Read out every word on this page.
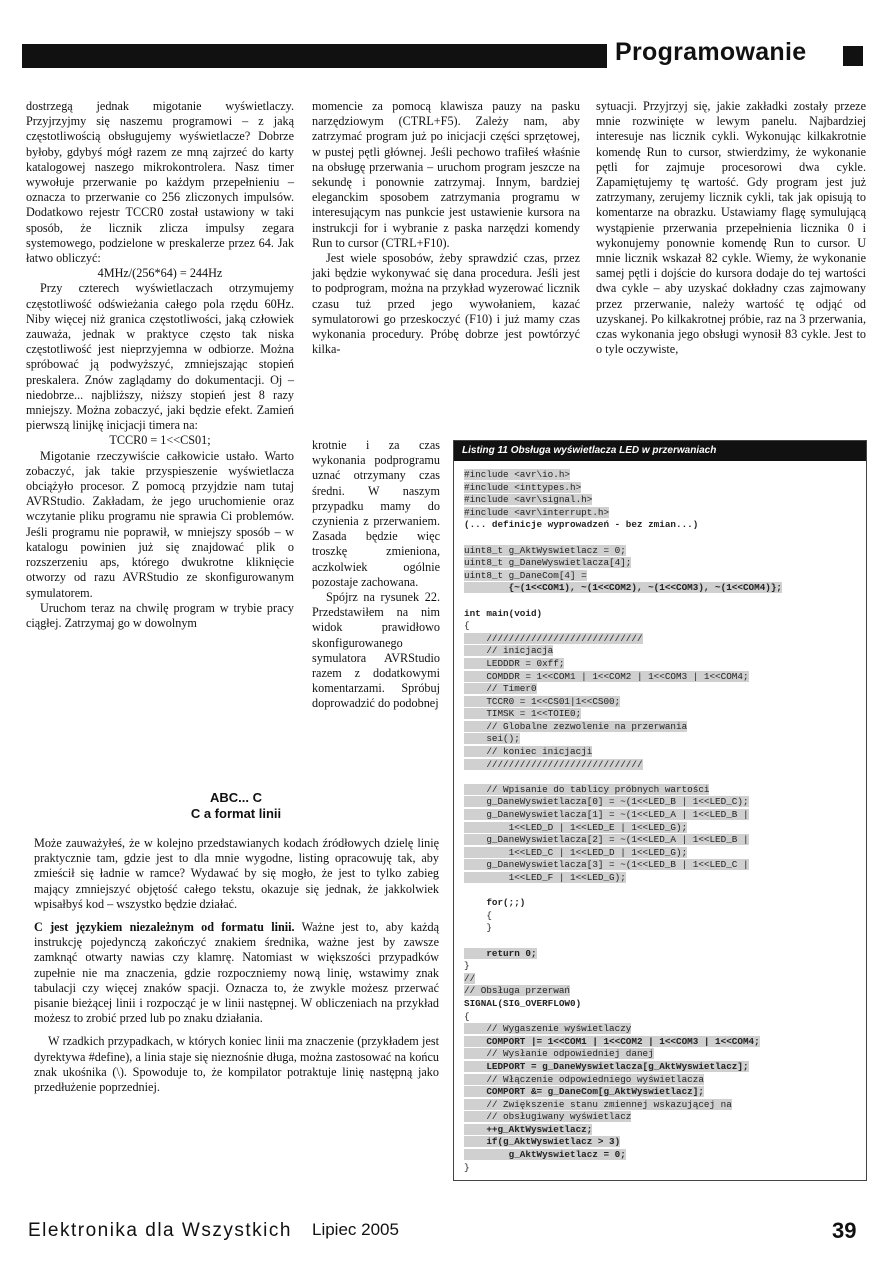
Programowanie

dostrzegą jednak migotanie wyświetlaczy. Przyjrzyjmy się naszemu programowi – z jaką częstotliwością obsługujemy wyświetlacze? Dobrze byłoby, gdybyś mógł razem ze mną zajrzeć do karty katalogowej naszego mikrokontrolera. Nasz timer wywołuje przerwanie po każdym przepełnieniu – oznacza to przerwanie co 256 zliczonych impulsów. Dodatkowo rejestr TCCR0 został ustawiony w taki sposób, że licznik zlicza impulsy zegara systemowego, podzielone w preskalerze przez 64. Jak łatwo obliczyć:

4MHz/(256*64) = 244Hz

Przy czterech wyświetlaczach otrzymujemy częstotliwość odświeżania całego pola rzędu 60Hz. Niby więcej niż granica częstotliwości, jaką człowiek zauważa, jednak w praktyce często tak niska częstotliwość jest nieprzyjemna w odbiorze. Można spróbować ją podwyższyć, zmniejszając stopień preskalera. Znów zaglądamy do dokumentacji. Oj – niedobrze... najbliższy, niższy stopień jest 8 razy mniejszy. Można zobaczyć, jaki będzie efekt. Zamień pierwszą linijkę inicjacji timera na:

TCCR0 = 1<<CS01;

Migotanie rzeczywiście całkowicie ustało. Warto zobaczyć, jak takie przyspieszenie wyświetlacza obciążyło procesor. Z pomocą przyjdzie nam tutaj AVRStudio. Zakładam, że jego uruchomienie oraz wczytanie pliku programu nie sprawia Ci problemów. Jeśli programu nie poprawił, w mniejszy sposób – w katalogu powinien już się znajdować plik o rozszerzeniu aps, którego dwukrotne kliknięcie otworzy od razu AVRStudio ze skonfigurowanym symulatorem.

Uruchom teraz na chwilę program w trybie pracy ciągłej. Zatrzymaj go w dowolnym

momencie za pomocą klawisza pauzy na pasku narzędziowym (CTRL+F5). Zależy nam, aby zatrzymać program już po inicjacji części sprzętowej, w pustej pętli głównej. Jeśli pechowo trafiłeś właśnie na obsługę przerwania – uruchom program jeszcze na sekundę i ponownie zatrzymaj. Innym, bardziej eleganckim sposobem zatrzymania programu w interesującym nas punkcie jest ustawienie kursora na instrukcji for i wybranie z paska narzędzi komendy Run to cursor (CTRL+F10).

Jest wiele sposobów, żeby sprawdzić czas, przez jaki będzie wykonywać się dana procedura. Jeśli jest to podprogram, można na przykład wyzerować licznik czasu tuż przed jego wywołaniem, kazać symulatorowi go przeskoczyć (F10) i już mamy czas wykonania procedury. Próbę dobrze jest powtórzyć kilka-

krotnie i za czas wykonania podprogramu uznać otrzymany czas średni. W naszym przypadku mamy do czynienia z przerwaniem. Zasada będzie więc troszkę zmieniona, aczkolwiek ogólnie pozostaje zachowana.

Spójrz na rysunek 22. Przedstawiłem na nim widok prawidłowo skonfigurowanego symulatora AVRStudio razem z dodatkowymi komentarzami. Spróbuj doprowadzić do podobnej

sytuacji. Przyjrzyj się, jakie zakładki zostały przeze mnie rozwinięte w lewym panelu. Najbardziej interesuje nas licznik cykli. Wykonując kilkakrotnie komendę Run to cursor, stwierdzimy, że wykonanie pętli for zajmuje procesorowi dwa cykle. Zapamiętujemy tę wartość. Gdy program jest już zatrzymany, zerujemy licznik cykli, tak jak opisują to komentarze na obrazku. Ustawiamy flagę symulującą wystąpienie przerwania przepełnienia licznika 0 i wykonujemy ponownie komendę Run to cursor. U mnie licznik wskazał 82 cykle. Wiemy, że wykonanie samej pętli i dojście do kursora dodaje do tej wartości dwa cykle – aby uzyskać dokładny czas zajmowany przez przerwanie, należy wartość tę odjąć od uzyskanej. Po kilkakrotnej próbie, raz na 3 przerwania, czas wykonania jego obsługi wynosił 83 cykle. Jest to o tyle oczywiste,

ABC... C
C a format linii

Może zauważyłeś, że w kolejno przedstawianych kodach źródłowych dzielę linię praktycznie tam, gdzie jest to dla mnie wygodne, listing opracowuję tak, aby zmieścił się ładnie w ramce? Wydawać by się mogło, że jest to tylko zabieg mający zmniejszyć objętość całego tekstu, okazuje się jednak, że jakkolwiek wpisałbyś kod – wszystko będzie działać.

C jest językiem niezależnym od formatu linii. Ważne jest to, aby każdą instrukcję pojedynczą zakończyć znakiem średnika, ważne jest by zawsze zamknąć otwarty nawias czy klamrę. Natomiast w większości przypadków zupełnie nie ma znaczenia, gdzie rozpoczniemy nową linię, wstawimy znak tabulacji czy więcej znaków spacji. Oznacza to, że zwykle możesz przerwać pisanie bieżącej linii i rozpocząć je w linii następnej. W obliczeniach na przykład możesz to zrobić przed lub po znaku działania.

W rzadkich przypadkach, w których koniec linii ma znaczenie (przykładem jest dyrektywa #define), a linia staje się nieznośnie długa, można zastosować na końcu znak ukośnika (\). Spowoduje to, że kompilator potraktuje linię następną jako przedłużenie poprzedniej.

Listing 11 Obsługa wyświetlacza LED w przerwaniach
#include <avr\io.h>
#include <inttypes.h>
#include <avr\signal.h>
#include <avr\interrupt.h>
(... definicje wyprowadzeń - bez zmian...)

uint8_t g_AktWyswietlacz = 0;
uint8_t g_DaneWyswietlacza[4];
uint8_t g_DaneCom[4] =
{~(1<<COM1), ~(1<<COM2), ~(1<<COM3), ~(1<<COM4)};

int main(void)
{
////////////////////////////
// inicjacja
LEDDDR = 0xff;
COMDDR = 1<<COM1 | 1<<COM2 | 1<<COM3 | 1<<COM4;
// Timer0
TCCR0 = 1<<CS01|1<<CS00;
TIMSK = 1<<TOIE0;
// Globalne zezwolenie na przerwania
sei();
// koniec inicjacji
////////////////////////////

// Wpisanie do tablicy próbnych wartości
g_DaneWyswietlacza[0] = ~(1<<LED_B | 1<<LED_C);
g_DaneWyswietlacza[1] = ~(1<<LED_A | 1<<LED_B |
1<<LED_D | 1<<LED_E | 1<<LED_G);
g_DaneWyswietlacza[2] = ~(1<<LED_A | 1<<LED_B |
1<<LED_C | 1<<LED_D | 1<<LED_G);
g_DaneWyswietlacza[3] = ~(1<<LED_B | 1<<LED_C |
1<<LED_F | 1<<LED_G);

for(;;)
{
}

return 0;
}
//
// Obsługa przerwań
SIGNAL(SIG_OVERFLOW0)
{
// Wygaszenie wyświetlaczy
COMPORT |= 1<<COM1 | 1<<COM2 | 1<<COM3 | 1<<COM4;
// Wysłanie odpowiedniej danej
LEDPORT = g_DaneWyswietlacza[g_AktWyswietlacz];
// Włączenie odpowiedniego wyświetlacza
COMPORT &= g_DaneCom[g_AktWyswietlacz];
// Zwiększenie stanu zmiennej wskazującej na
// obsługiwany wyświetlacz
++g_AktWyswietlacz;
if(g_AktWyswietlacz > 3)
g_AktWyswietlacz = 0;
}
Elektronika dla Wszystkich Lipiec 2005	39
